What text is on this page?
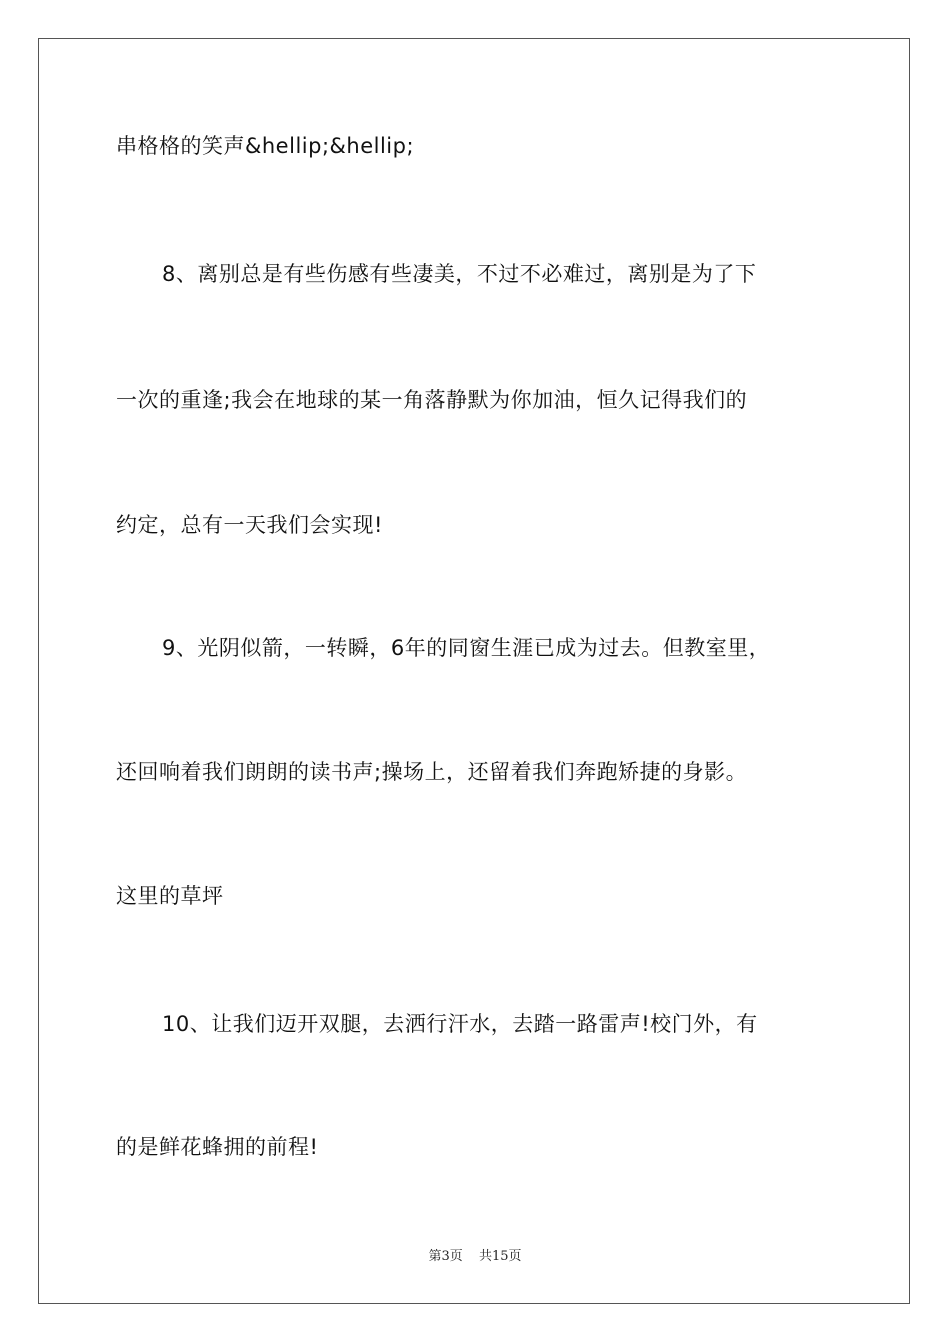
串格格的笑声&hellip;&hellip;
8、离别总是有些伤感有些凄美，不过不必难过，离别是为了下
一次的重逢;我会在地球的某一角落静默为你加油，恒久记得我们的
约定，总有一天我们会实现!
9、光阴似箭，一转瞬，6年的同窗生涯已成为过去。但教室里，
还回响着我们朗朗的读书声;操场上，还留着我们奔跑矫捷的身影。
这里的草坪
10、让我们迈开双腿，去洒行汗水，去踏一路雷声!校门外，有
的是鲜花蜂拥的前程!
第3页 共15页
